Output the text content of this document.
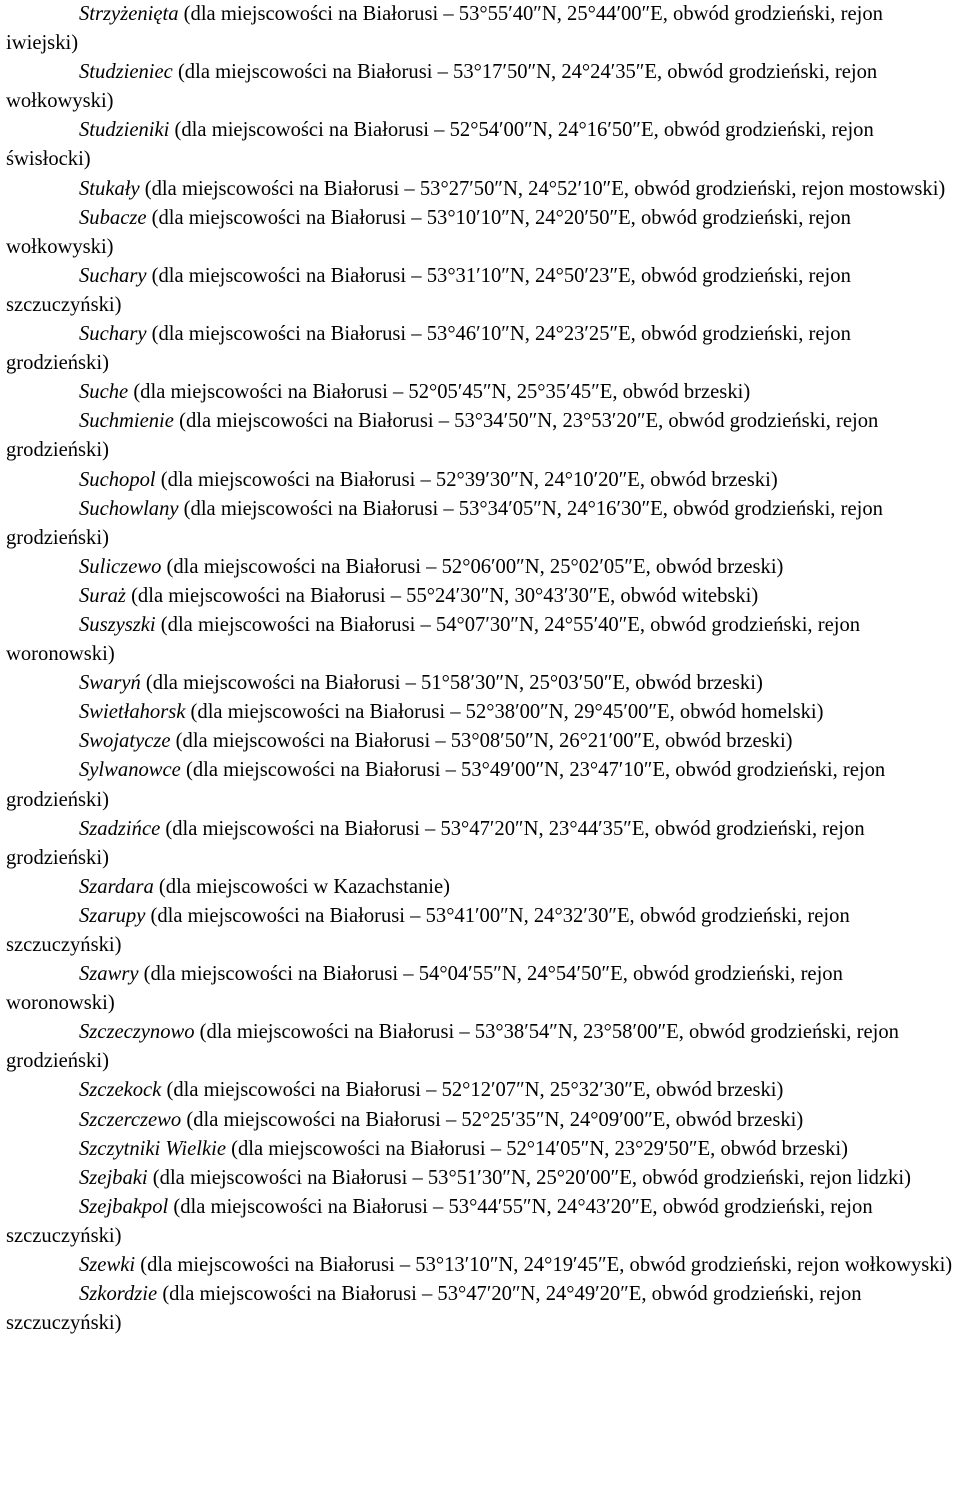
Strzyżenięta (dla miejscowości na Białorusi – 53°55′40″N, 25°44′00″E, obwód grodzieński, rejon iwiejski)

Studzieniec (dla miejscowości na Białorusi – 53°17′50″N, 24°24′35″E, obwód grodzieński, rejon wołkowyski)

Studzieniki (dla miejscowości na Białorusi – 52°54′00″N, 24°16′50″E, obwód grodzieński, rejon świsłocki)

Stukały (dla miejscowości na Białorusi – 53°27′50″N, 24°52′10″E, obwód grodzieński, rejon mostowski)

Subacze (dla miejscowości na Białorusi – 53°10′10″N, 24°20′50″E, obwód grodzieński, rejon wołkowyski)

Suchary (dla miejscowości na Białorusi – 53°31′10″N, 24°50′23″E, obwód grodzieński, rejon szczuczyński)

Suchary (dla miejscowości na Białorusi – 53°46′10″N, 24°23′25″E, obwód grodzieński, rejon grodzieński)

Suche (dla miejscowości na Białorusi – 52°05′45″N, 25°35′45″E, obwód brzeski)

Suchmienie (dla miejscowości na Białorusi – 53°34′50″N, 23°53′20″E, obwód grodzieński, rejon grodzieński)

Suchopol (dla miejscowości na Białorusi – 52°39′30″N, 24°10′20″E, obwód brzeski)

Suchowlany (dla miejscowości na Białorusi – 53°34′05″N, 24°16′30″E, obwód grodzieński, rejon grodzieński)

Suliczewo (dla miejscowości na Białorusi – 52°06′00″N, 25°02′05″E, obwód brzeski)

Suraż (dla miejscowości na Białorusi – 55°24′30″N, 30°43′30″E, obwód witebski)

Suszyszki (dla miejscowości na Białorusi – 54°07′30″N, 24°55′40″E, obwód grodzieński, rejon woronowski)

Swaryń (dla miejscowości na Białorusi – 51°58′30″N, 25°03′50″E, obwód brzeski)

Swietłahorsk (dla miejscowości na Białorusi – 52°38′00″N, 29°45′00″E, obwód homelski)

Swojatycze (dla miejscowości na Białorusi – 53°08′50″N, 26°21′00″E, obwód brzeski)

Sylwanowce (dla miejscowości na Białorusi – 53°49′00″N, 23°47′10″E, obwód grodzieński, rejon grodzieński)

Szadzińce (dla miejscowości na Białorusi – 53°47′20″N, 23°44′35″E, obwód grodzieński, rejon grodzieński)

Szardara (dla miejscowości w Kazachstanie)

Szarupy (dla miejscowości na Białorusi – 53°41′00″N, 24°32′30″E, obwód grodzieński, rejon szczuczyński)

Szawry (dla miejscowości na Białorusi – 54°04′55″N, 24°54′50″E, obwód grodzieński, rejon woronowski)

Szczeczynowo (dla miejscowości na Białorusi – 53°38′54″N, 23°58′00″E, obwód grodzieński, rejon grodzieński)

Szczekock (dla miejscowości na Białorusi – 52°12′07″N, 25°32′30″E, obwód brzeski)

Szczerczewo (dla miejscowości na Białorusi – 52°25′35″N, 24°09′00″E, obwód brzeski)

Szczytniki Wielkie (dla miejscowości na Białorusi – 52°14′05″N, 23°29′50″E, obwód brzeski)

Szejbaki (dla miejscowości na Białorusi – 53°51′30″N, 25°20′00″E, obwód grodzieński, rejon lidzki)

Szejbakpol (dla miejscowości na Białorusi – 53°44′55″N, 24°43′20″E, obwód grodzieński, rejon szczuczyński)

Szewki (dla miejscowości na Białorusi – 53°13′10″N, 24°19′45″E, obwód grodzieński, rejon wołkowyski)

Szkordzie (dla miejscowości na Białorusi – 53°47′20″N, 24°49′20″E, obwód grodzieński, rejon szczuczyński)
